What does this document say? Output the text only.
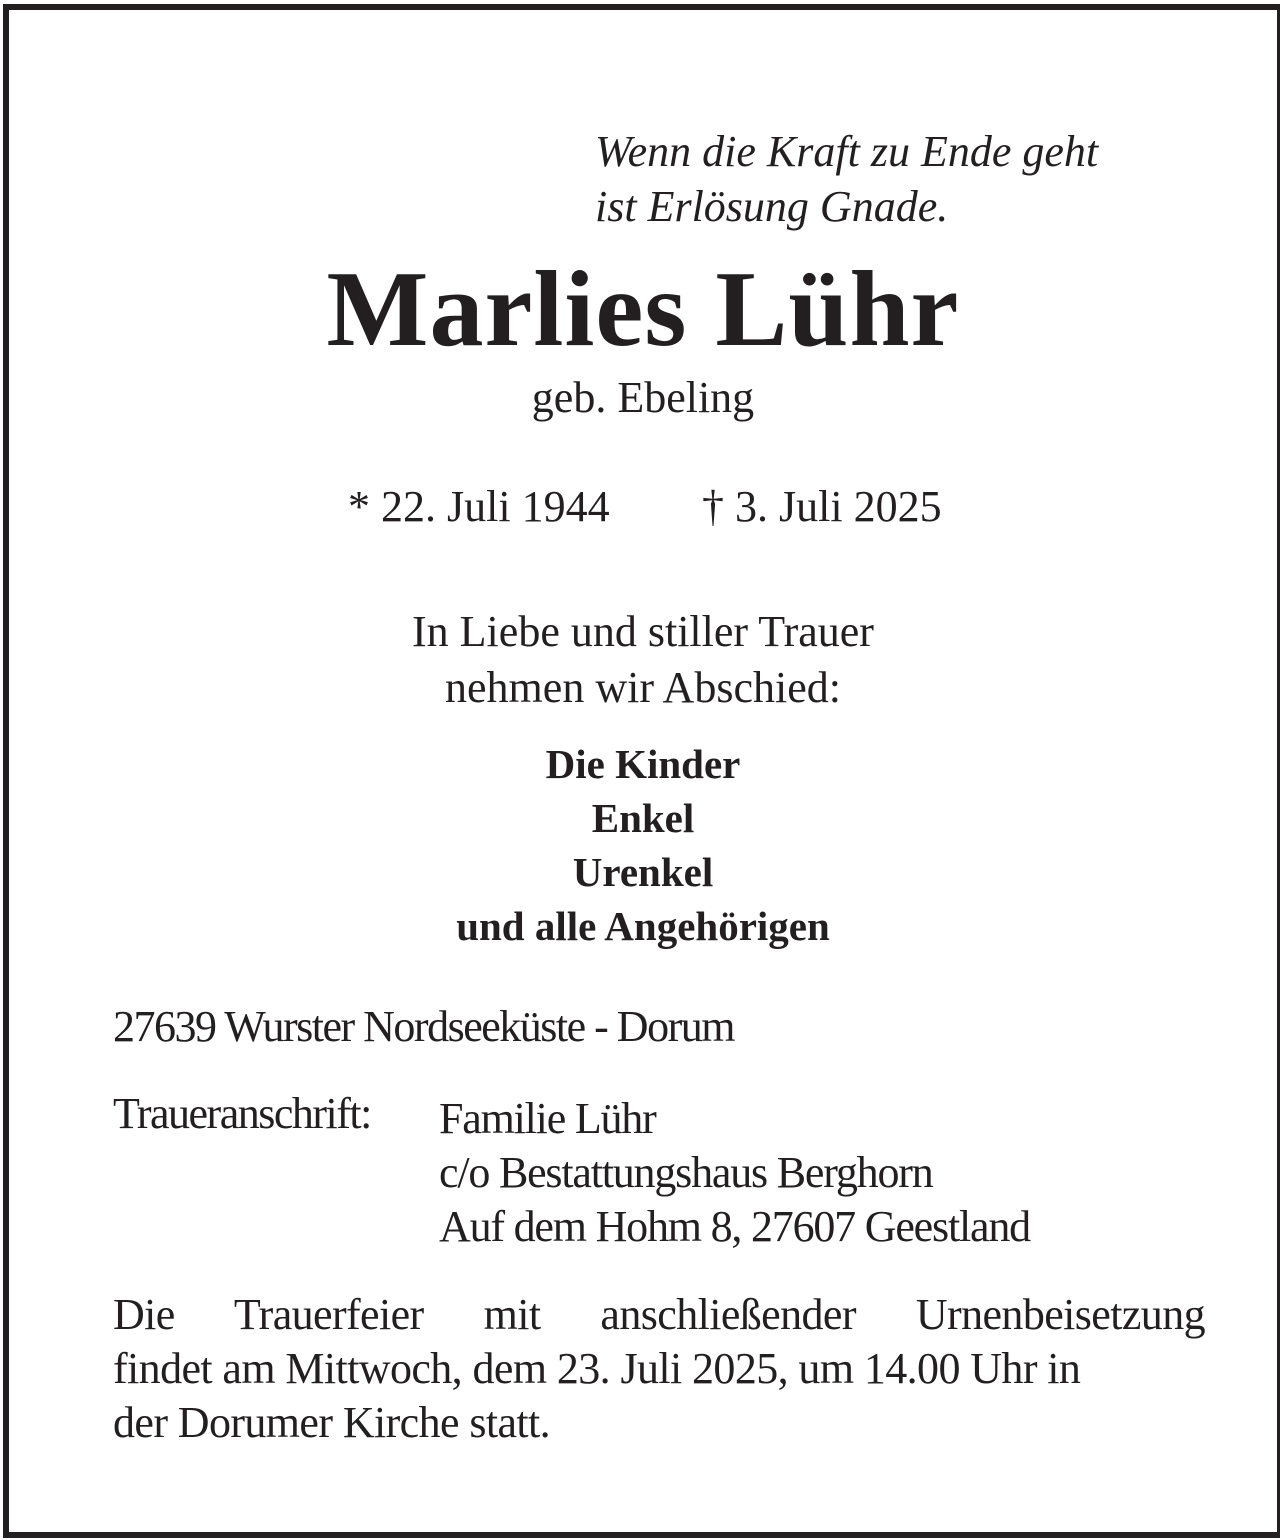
Wenn die Kraft zu Ende geht
ist Erlösung Gnade.
Marlies Lühr
geb. Ebeling
* 22. Juli 1944 † 3. Juli 2025
In Liebe und stiller Trauer
nehmen wir Abschied:
Die Kinder
Enkel
Urenkel
und alle Angehörigen
27639 Wurster Nordseeküste - Dorum
Traueranschrift: Familie Lühr
c/o Bestattungshaus Berghorn
Auf dem Hohm 8, 27607 Geestland
Die Trauerfeier mit anschließender Urnenbeisetzung
findet am Mittwoch, dem 23. Juli 2025, um 14.00 Uhr in
der Dorumer Kirche statt.
